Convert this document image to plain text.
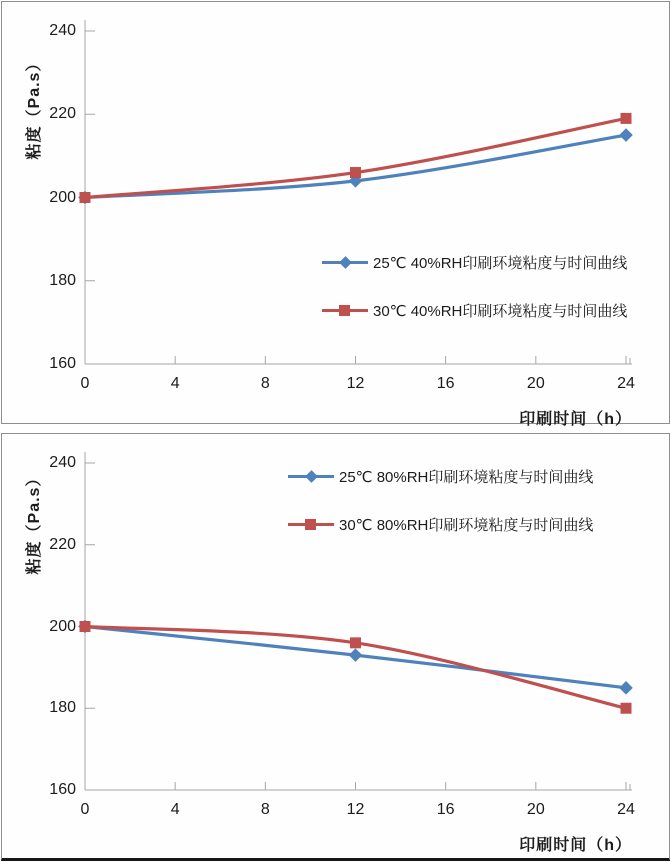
粘度（Pa.s）
印刷时间（h）
25℃ 40%RH印刷环境粘度与时间曲线
30℃ 40%RH印刷环境粘度与时间曲线
160
180
200
220
240
0	4	8	12	16	20	24
粘度（Pa.s）
印刷时间（h）
25℃ 80%RH印刷环境粘度与时间曲线
30℃ 80%RH印刷环境粘度与时间曲线
160
180
200
220
240
0	4	8	12	16	20	24
